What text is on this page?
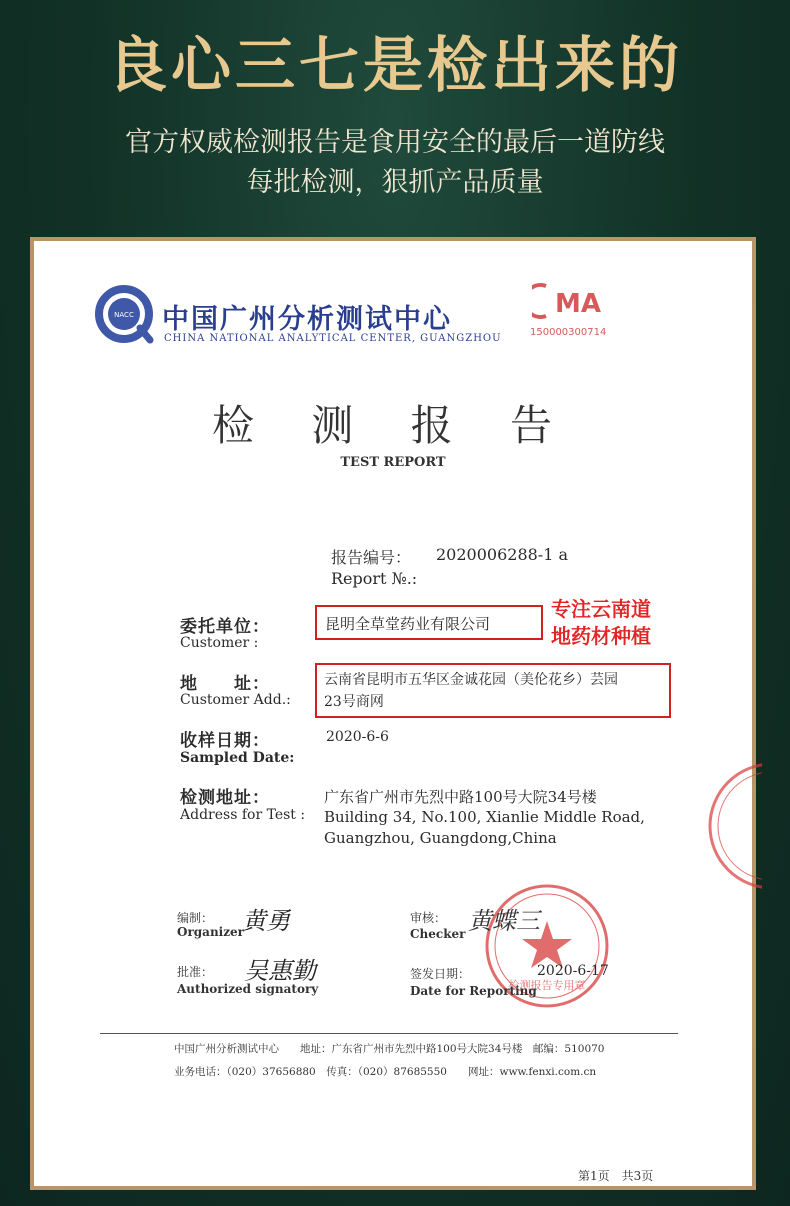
良心三七是检出来的

官方权威检测报告是食用安全的最后一道防线

每批检测，狠抓产品质量

NACC 中国广州分析测试中心
CHINA NATIONAL ANALYTICAL CENTER, GUANGZHOU
MA
150000300714
检 测 报 告
TEST REPORT
报告编号： 2020006288-1 a
Report №.:
委托单位：
Customer :
昆明全草堂药业有限公司
专注云南道
地药材种植
地　　址：
Customer Add.:
云南省昆明市五华区金诚花园（美伦花乡）芸园
23号商网
收样日期：
Sampled Date:
2020-6-6
检测地址：
Address for Test :
广东省广州市先烈中路100号大院34号楼
Building 34, No.100, Xianlie Middle Road,
Guangzhou, Guangdong,China
检测报告专用章
编制：
Organizer
黄勇	审核：
Checker 黄蝶三
批准：
Authorized signatory
吴惠勤	签发日期：
Date for Reporting
2020-6-17
中国广州分析测试中心　　地址：广东省广州市先烈中路100号大院34号楼　邮编：510070
业务电话：（020）37656880　传真：（020）87685550　　网址：www.fenxi.com.cn
第1页　共3页
